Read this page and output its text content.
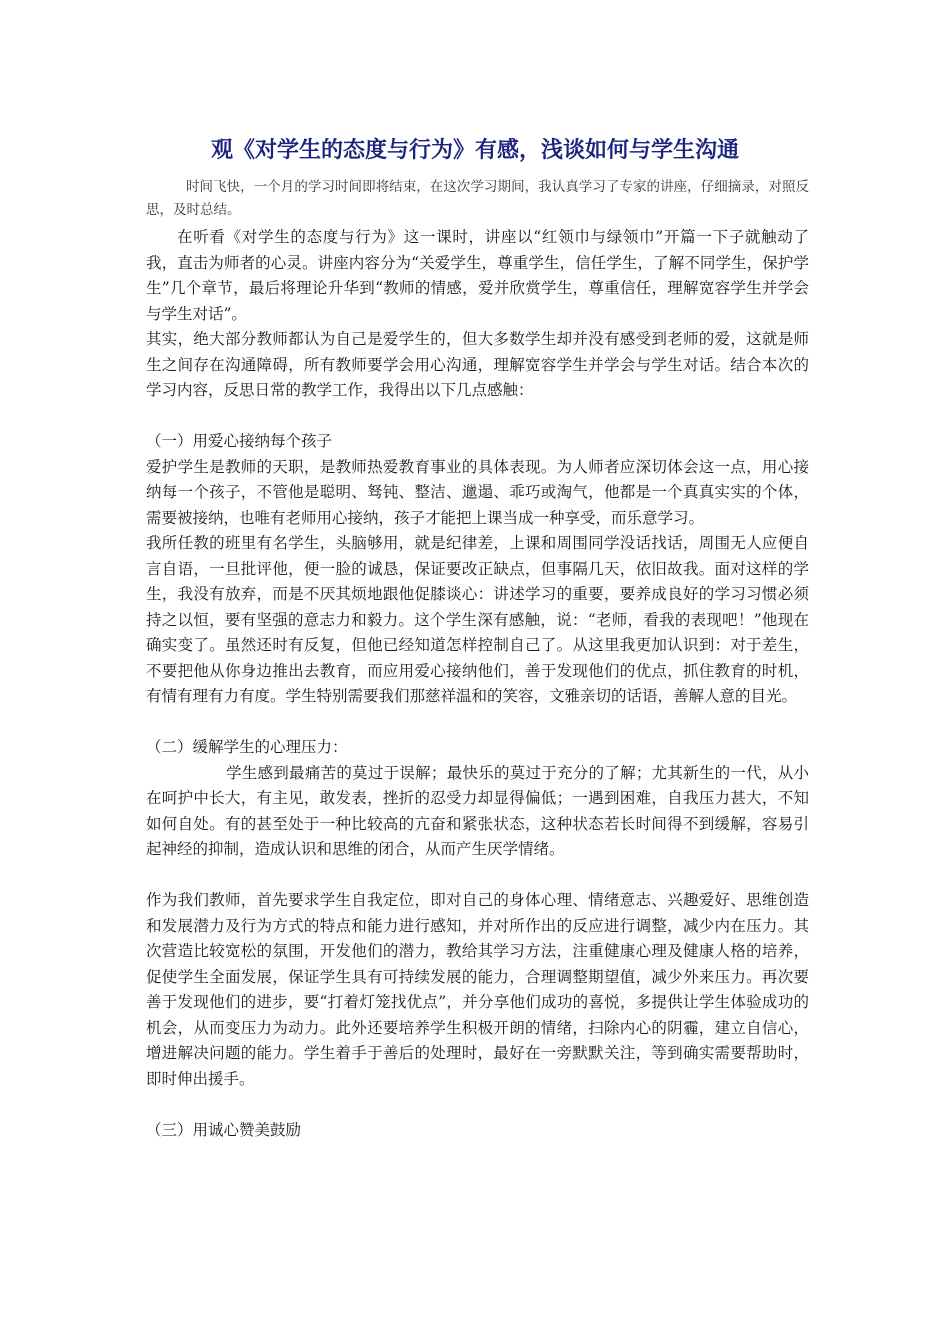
观《对学生的态度与行为》有感，浅谈如何与学生沟通

时间飞快，一个月的学习时间即将结束，在这次学习期间，我认真学习了专家的讲座，仔细摘录，对照反思，及时总结。

在听看《对学生的态度与行为》这一课时，讲座以“红领巾与绿领巾”开篇一下子就触动了我，直击为师者的心灵。讲座内容分为“关爱学生，尊重学生，信任学生，了解不同学生，保护学生”几个章节，最后将理论升华到“教师的情感，爱并欣赏学生，尊重信任，理解宽容学生并学会与学生对话”。

其实，绝大部分教师都认为自己是爱学生的，但大多数学生却并没有感受到老师的爱，这就是师生之间存在沟通障碍，所有教师要学会用心沟通，理解宽容学生并学会与学生对话。结合本次的学习内容，反思日常的教学工作，我得出以下几点感触：

（一）用爱心接纳每个孩子

爱护学生是教师的天职，是教师热爱教育事业的具体表现。为人师者应深切体会这一点，用心接纳每一个孩子，不管他是聪明、驽钝、整洁、邋遢、乖巧或淘气，他都是一个真真实实的个体，需要被接纳，也唯有老师用心接纳，孩子才能把上课当成一种享受，而乐意学习。

我所任教的班里有名学生，头脑够用，就是纪律差，上课和周围同学没话找话，周围无人应便自言自语，一旦批评他，便一脸的诚恳，保证要改正缺点，但事隔几天，依旧故我。面对这样的学生，我没有放弃，而是不厌其烦地跟他促膝谈心：讲述学习的重要，要养成良好的学习习惯必须持之以恒，要有坚强的意志力和毅力。这个学生深有感触，说：“老师，看我的表现吧！”他现在确实变了。虽然还时有反复，但他已经知道怎样控制自己了。从这里我更加认识到：对于差生，不要把他从你身边推出去教育，而应用爱心接纳他们，善于发现他们的优点，抓住教育的时机，有情有理有力有度。学生特别需要我们那慈祥温和的笑容，文雅亲切的话语，善解人意的目光。

（二）缓解学生的心理压力：

学生感到最痛苦的莫过于误解；最快乐的莫过于充分的了解；尤其新生的一代，从小在呵护中长大，有主见，敢发表，挫折的忍受力却显得偏低；一遇到困难，自我压力甚大，不知如何自处。有的甚至处于一种比较高的亢奋和紧张状态，这种状态若长时间得不到缓解，容易引起神经的抑制，造成认识和思维的闭合，从而产生厌学情绪。

作为我们教师，首先要求学生自我定位，即对自己的身体心理、情绪意志、兴趣爱好、思维创造和发展潜力及行为方式的特点和能力进行感知，并对所作出的反应进行调整，减少内在压力。其次营造比较宽松的氛围，开发他们的潜力，教给其学习方法，注重健康心理及健康人格的培养，促使学生全面发展，保证学生具有可持续发展的能力，合理调整期望值，减少外来压力。再次要善于发现他们的进步，要“打着灯笼找优点”，并分享他们成功的喜悦，多提供让学生体验成功的机会，从而变压力为动力。此外还要培养学生积极开朗的情绪，扫除内心的阴霾，建立自信心，增进解决问题的能力。学生着手于善后的处理时，最好在一旁默默关注，等到确实需要帮助时，即时伸出援手。

（三）用诚心赞美鼓励
